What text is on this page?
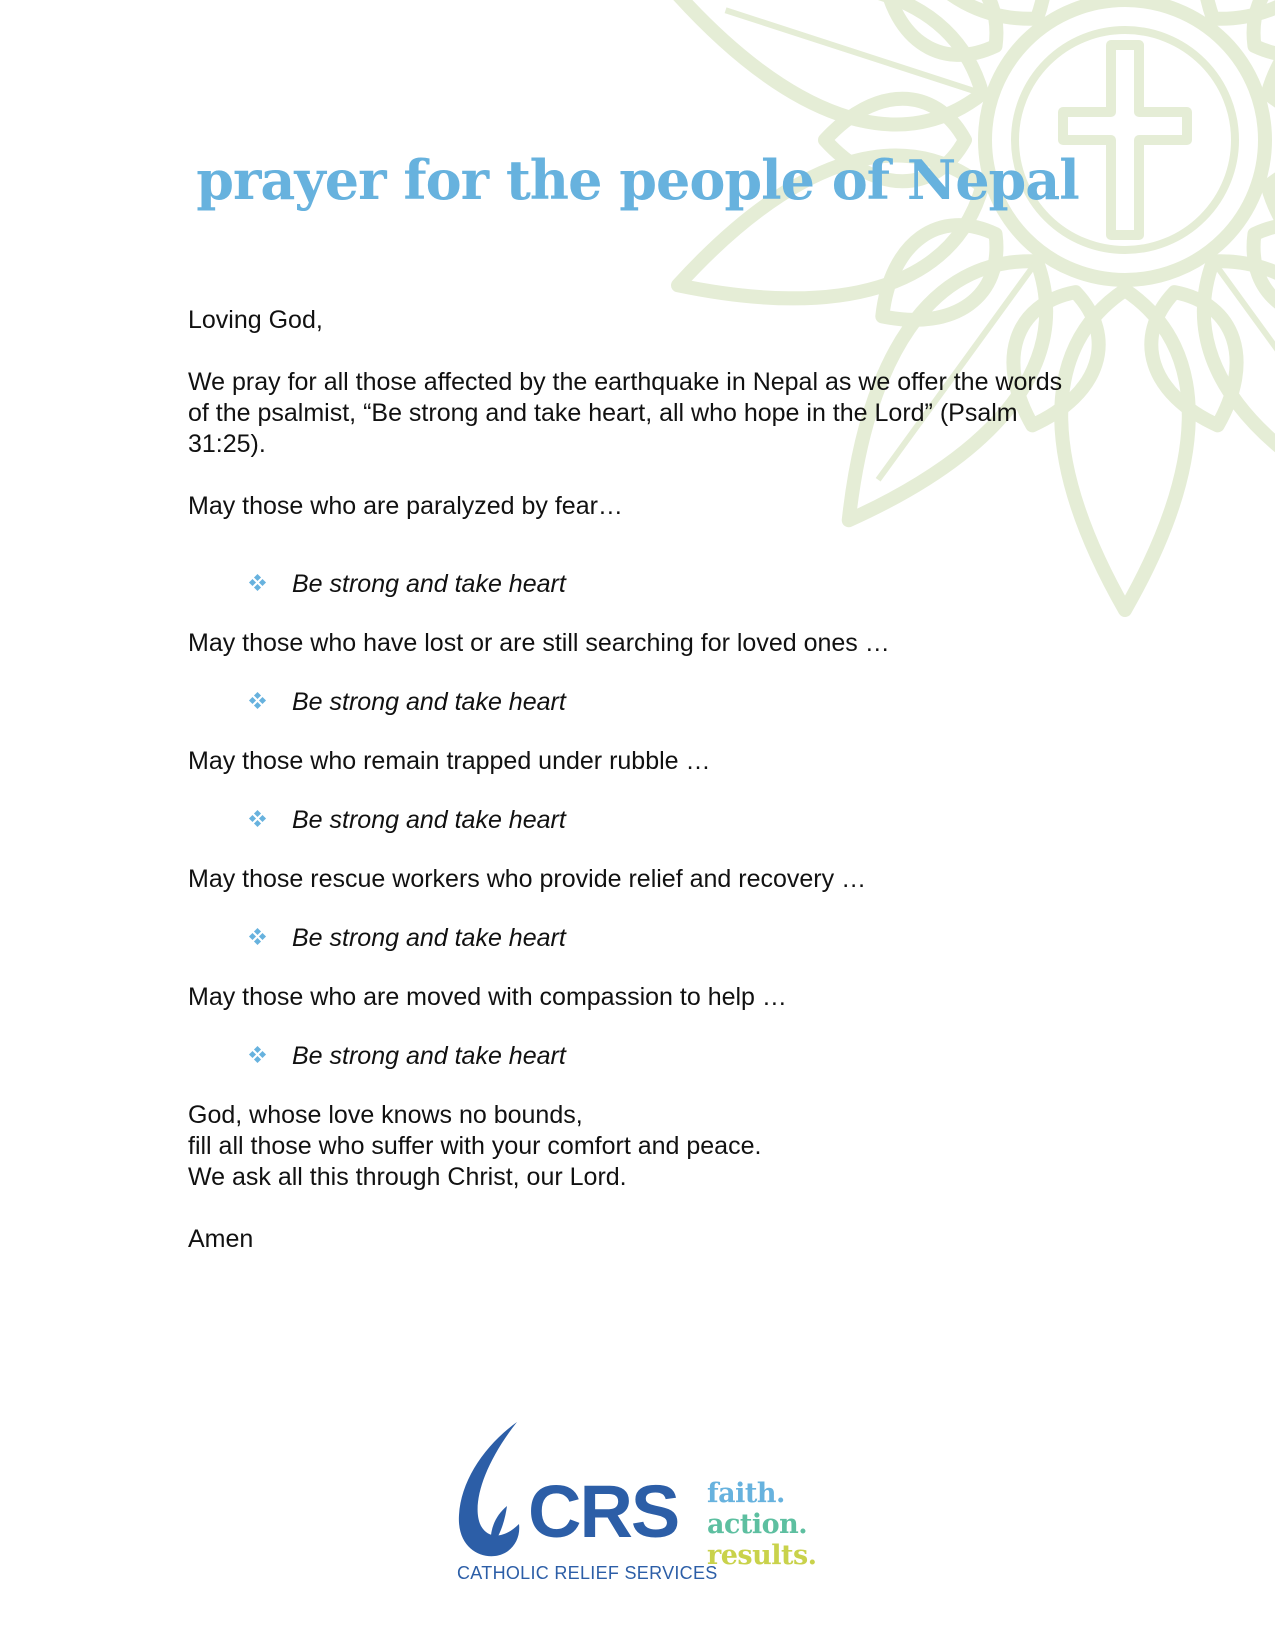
prayer for the people of Nepal

Loving God,

We pray for all those affected by the earthquake in Nepal as we offer the words of the psalmist, “Be strong and take heart, all who hope in the Lord” (Psalm 31:25).

May those who are paralyzed by fear…

Be strong and take heart

May those who have lost or are still searching for loved ones …

Be strong and take heart

May those who remain trapped under rubble …

Be strong and take heart

May those rescue workers who provide relief and recovery …

Be strong and take heart

May those who are moved with compassion to help …

Be strong and take heart

God, whose love knows no bounds,

fill all those who suffer with your comfort and peace.

We ask all this through Christ, our Lord.

Amen

CRS
CATHOLIC RELIEF SERVICES
faith.
action.
results.
